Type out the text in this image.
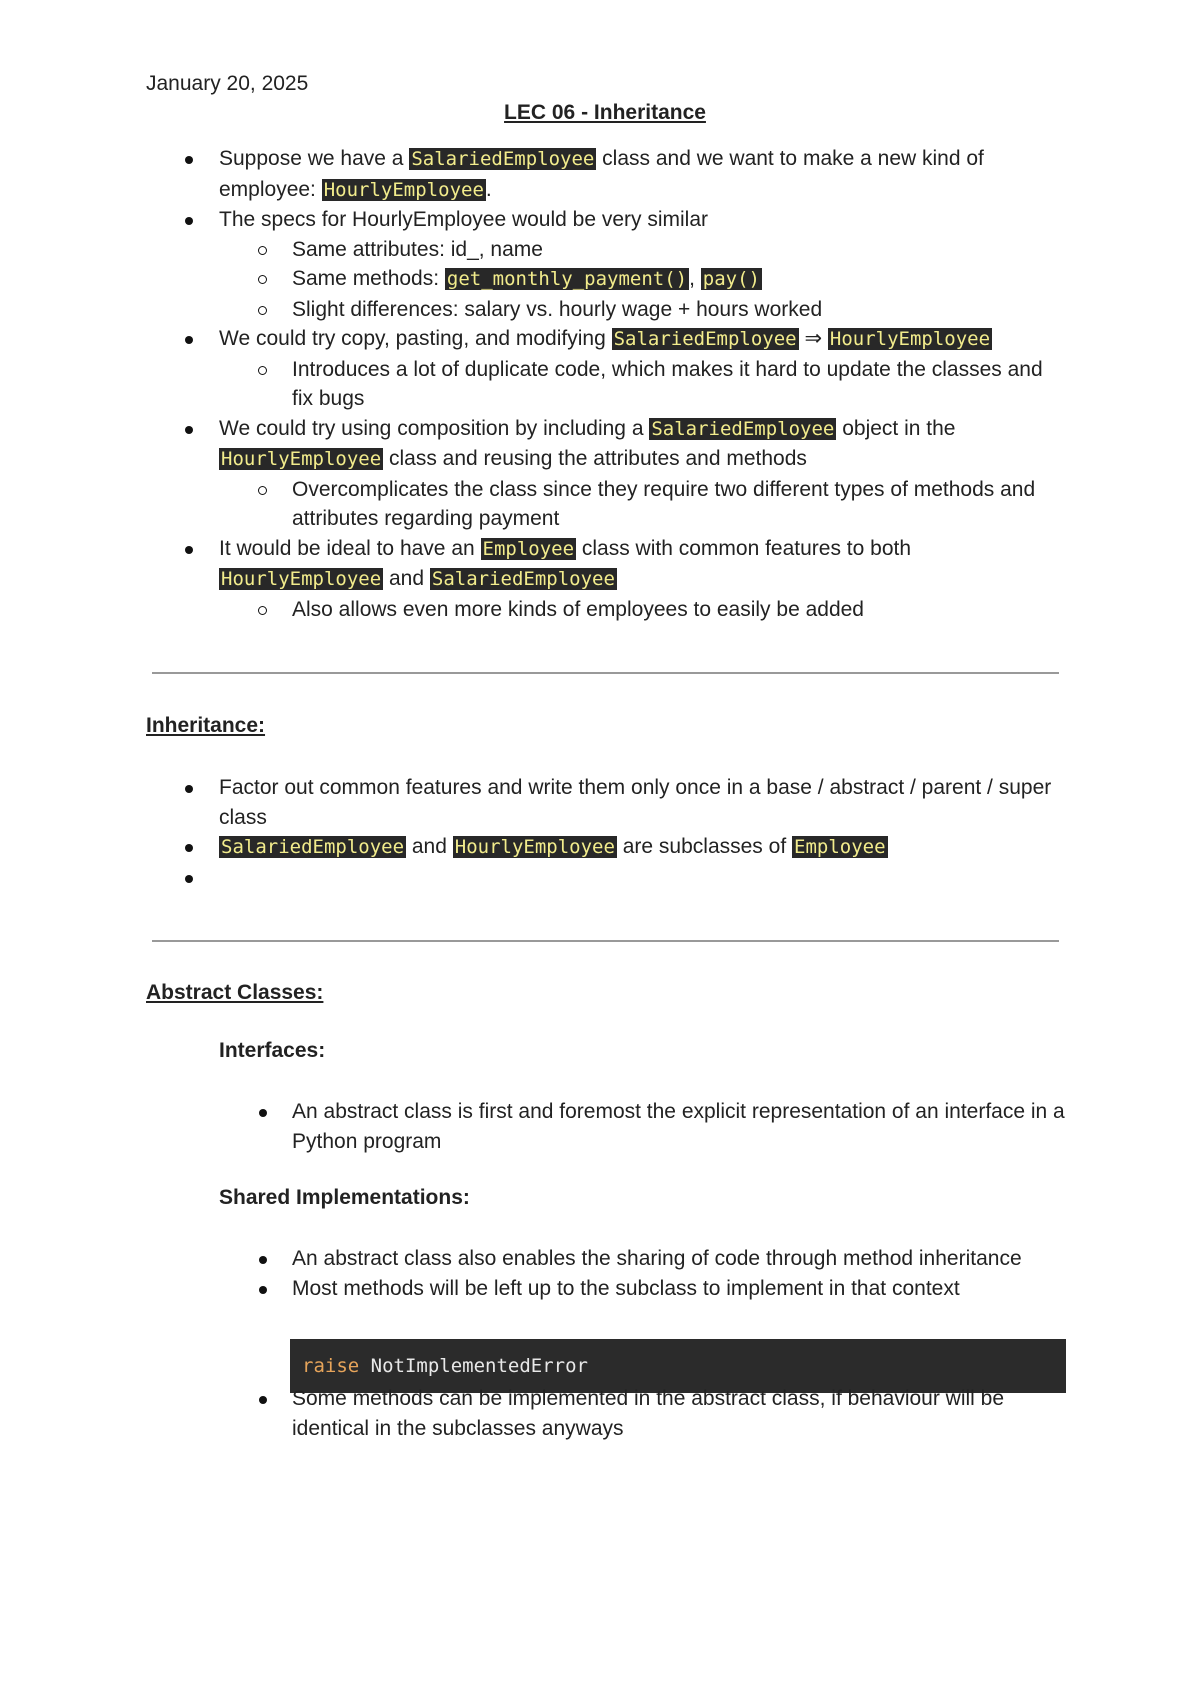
January 20, 2025
LEC 06 - Inheritance
Suppose we have a SalariedEmployee class and we want to make a new kind of employee: HourlyEmployee.
The specs for HourlyEmployee would be very similar
Same attributes: id_, name
Same methods: get_monthly_payment(), pay()
Slight differences: salary vs. hourly wage + hours worked
We could try copy, pasting, and modifying SalariedEmployee ⇒ HourlyEmployee
Introduces a lot of duplicate code, which makes it hard to update the classes and fix bugs
We could try using composition by including a SalariedEmployee object in the HourlyEmployee class and reusing the attributes and methods
Overcomplicates the class since they require two different types of methods and attributes regarding payment
It would be ideal to have an Employee class with common features to both HourlyEmployee and SalariedEmployee
Also allows even more kinds of employees to easily be added
Inheritance:
Factor out common features and write them only once in a base / abstract / parent / super class
SalariedEmployee and HourlyEmployee are subclasses of Employee

Abstract Classes:
Interfaces:
An abstract class is first and foremost the explicit representation of an interface in a Python program
Shared Implementations:
An abstract class also enables the sharing of code through method inheritance
Most methods will be left up to the subclass to implement in that context
raise NotImplementedError
Some methods can be implemented in the abstract class, if behaviour will be identical in the subclasses anyways
